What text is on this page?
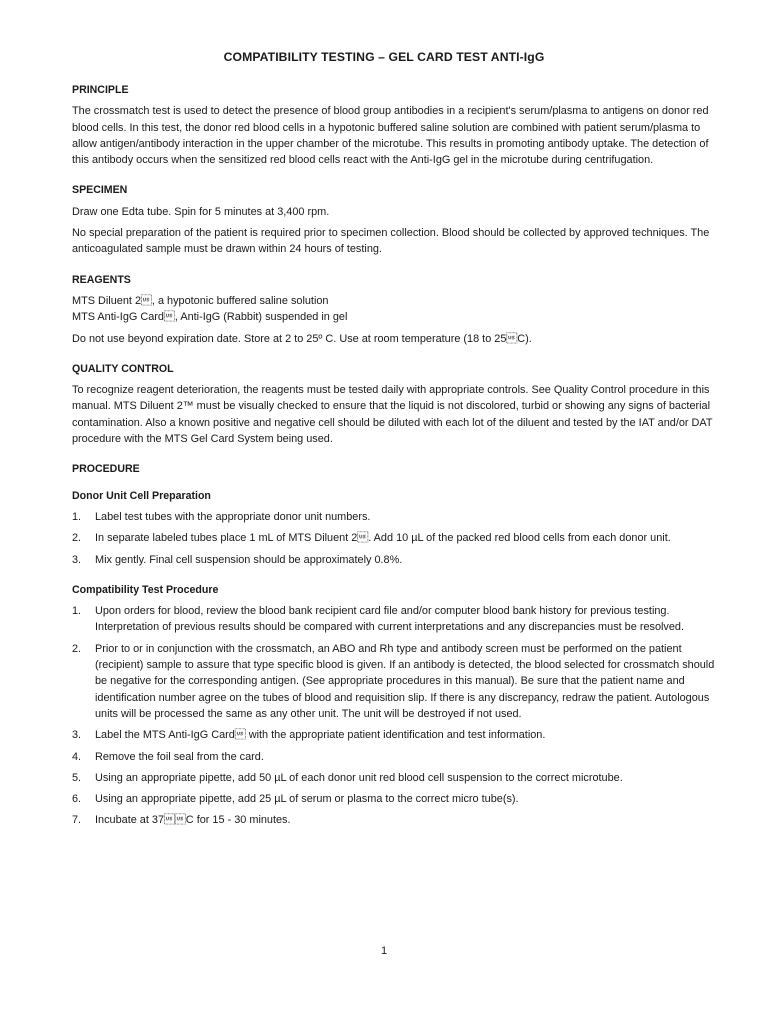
COMPATIBILITY TESTING – GEL CARD TEST ANTI-IgG
PRINCIPLE

The crossmatch test is used to detect the presence of blood group antibodies in a recipient's serum/plasma to antigens on donor red blood cells. In this test, the donor red blood cells in a hypotonic buffered saline solution are combined with patient serum/plasma to allow antigen/antibody interaction in the upper chamber of the microtube. This results in promoting antibody uptake. The detection of this antibody occurs when the sensitized red blood cells react with the Anti-IgG gel in the microtube during centrifugation.

SPECIMEN

Draw one Edta tube. Spin for 5 minutes at 3,400 rpm.

No special preparation of the patient is required prior to specimen collection. Blood should be collected by approved techniques. The anticoagulated sample must be drawn within 24 hours of testing.

REAGENTS
MTS Diluent 2, a hypotonic buffered saline solution
MTS Anti-IgG Card, Anti-IgG (Rabbit) suspended in gel

Do not use beyond expiration date. Store at 2 to 25º C. Use at room temperature (18 to 25C).

QUALITY CONTROL

To recognize reagent deterioration, the reagents must be tested daily with appropriate controls. See Quality Control procedure in this manual. MTS Diluent 2™ must be visually checked to ensure that the liquid is not discolored, turbid or showing any signs of bacterial contamination. Also a known positive and negative cell should be diluted with each lot of the diluent and tested by the IAT and/or DAT procedure with the MTS Gel Card System being used.

PROCEDURE
Donor Unit Cell Preparation
1. Label test tubes with the appropriate donor unit numbers.
2. In separate labeled tubes place 1 mL of MTS Diluent 2. Add 10 µL of the packed red blood cells from each donor unit.
3. Mix gently. Final cell suspension should be approximately 0.8%.
Compatibility Test Procedure
1. Upon orders for blood, review the blood bank recipient card file and/or computer blood bank history for previous testing. Interpretation of previous results should be compared with current interpretations and any discrepancies must be resolved.
2. Prior to or in conjunction with the crossmatch, an ABO and Rh type and antibody screen must be performed on the patient (recipient) sample to assure that type specific blood is given. If an antibody is detected, the blood selected for crossmatch should be negative for the corresponding antigen. (See appropriate procedures in this manual). Be sure that the patient name and identification number agree on the tubes of blood and requisition slip. If there is any discrepancy, redraw the patient. Autologous units will be processed the same as any other unit. The unit will be destroyed if not used.
3. Label the MTS Anti-IgG Card with the appropriate patient identification and test information.
4. Remove the foil seal from the card.
5. Using an appropriate pipette, add 50 µL of each donor unit red blood cell suspension to the correct microtube.
6. Using an appropriate pipette, add 25 µL of serum or plasma to the correct micro tube(s).
7. Incubate at 37C for 15 - 30 minutes.
1
